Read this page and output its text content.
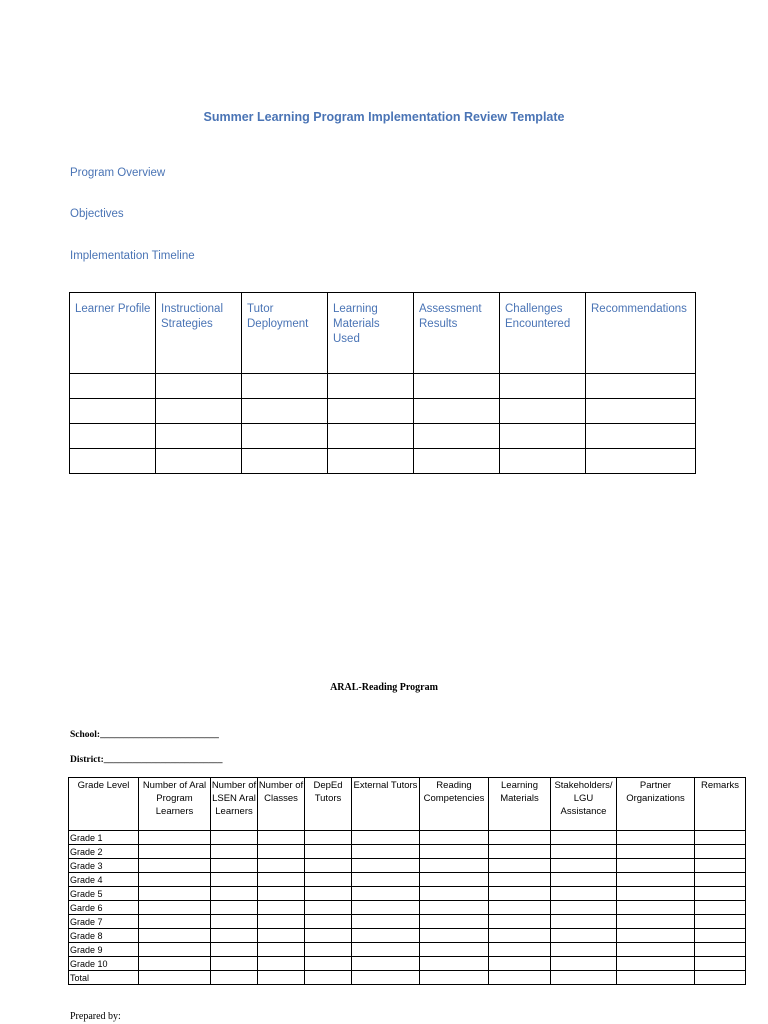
Summer Learning Program Implementation Review Template
Program Overview
Objectives
Implementation Timeline
Learner Profile	Instructional Strategies	Tutor Deployment	Learning Materials Used	Assessment Results	Challenges Encountered	Recommendations

ARAL-Reading Program
School:_________________________
District:_________________________
Grade Level	Number of Aral Program Learners	Number of LSEN Aral Learners	Number of Classes	DepEd Tutors	External Tutors	Reading Competencies	Learning Materials	Stakeholders/ LGU Assistance	Partner Organizations	Remarks
Grade 1										
Grade 2										
Grade 3										
Grade 4										
Grade 5										
Garde 6										
Grade 7										
Grade 8										
Grade 9										
Grade 10										
Total										
Prepared by:
